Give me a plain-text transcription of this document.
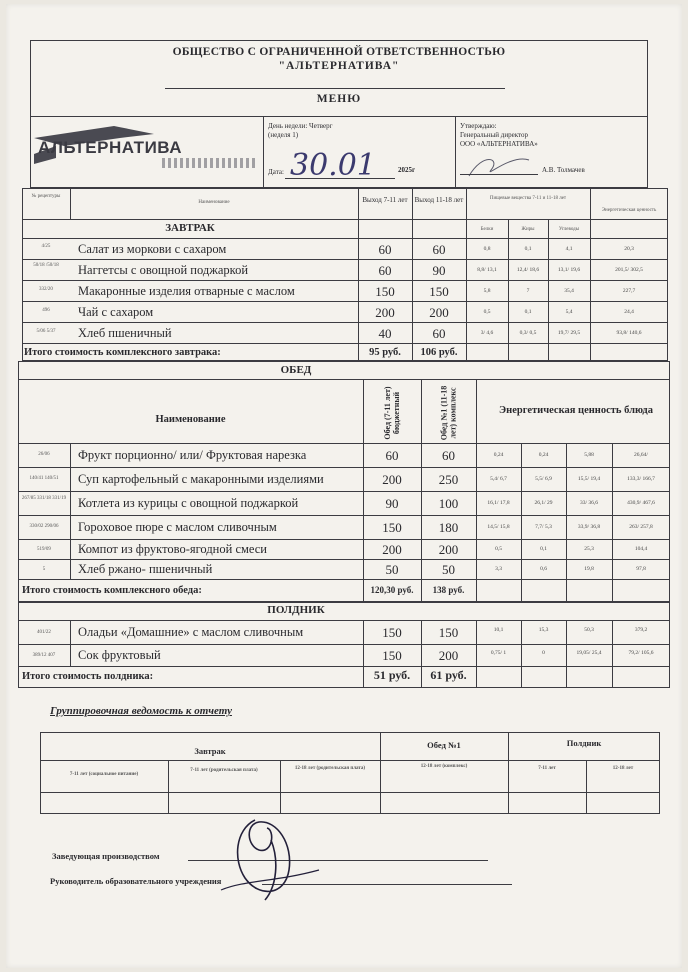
ОБЩЕСТВО С ОГРАНИЧЕННОЙ ОТВЕТСТВЕННОСТЬЮ
"АЛЬТЕРНАТИВА"
МЕНЮ
АЛЬТЕРНАТИВА
День недели: Четверг
(неделя 1)
Дата: 30.01	2025г
Утверждаю:
Генеральный директор
ООО «АЛЬТЕРНАТИВА»
А.В. Толмачев
№ рецептуры
Наименование	Выход 7-11 лет	Выход 11-18 лет	Пищевые вещества 7-11 и 11-18 лет
Энергетическая ценность
ЗАВТРАК	Белки	Жиры	Углеводы
4/25	Салат из моркови с сахаром	60	60	0,8	0,1	4,1	20,3
50/18 /50/18	Наггетсы с овощной поджаркой	60	90	8,8/ 13,1	12,4/ 18,6	13,1/ 19,6	201,5/ 302,5
332/20	Макаронные изделия отварные с маслом	150	150	5,8	7	35,4	227,7
496	Чай с сахаром	200	200	0,5	0,1	5,4	24,4
5/06 5/37	Хлеб пшеничный	40	60	3/ 4,6	0,3/ 0,5	19,7/ 29,5	93,8/ 140,6
Итого стоимость комплексного завтрака:	95 руб.	106 руб.
ОБЕД
Наименование	Обед (7-11 лет) бюджетный	Обед №1 (11-18 лет) комплекс	Энергетическая ценность блюда
26/06	Фрукт порционно/ или/ Фруктовая нарезка	60	60	0,24	0,24	5,88	26,64/
140/41 140/51	Суп картофельный с макаронными изделиями	200	250	5,4/ 6,7	5,5/ 6,9	15,5/ 19,4	133,3/ 166,7
267/85 331/18 331/19 Котлета из курицы с овощной поджаркой	90	100	16,1/ 17,8	26,1/ 29	33/ 36,6	430,9/ 467,6
330/02 290/06	Гороховое пюре с маслом сливочным	150	180	14,5/ 15,8	7,7/ 5,3	33,9/ 36,8	263/ 257,8
519/09	Компот из фруктово-ягодной смеси	200	200	0,5	0,1	25,3	104,4
5	Хлеб ржано- пшеничный	50	50	3,3	0,6	19,8	97,8
Итого стоимость комплексного обеда:	120,30 руб.	138 руб.
ПОЛДНИК
401/22	Оладьи «Домашние» с маслом сливочным	150	150	10,1	15,3	50,3	379,2
389/12 407	Сок фруктовый	150	200	0,75/ 1	0	19,05/ 25,4	79,2/ 105,6
Итого стоимость полдника:	51 руб.	61 руб.
Группировочная ведомость к отчету
Завтрак
Обед №1	Полдник
7-11 лет (социальное питание)
7-11 лет (родительская плата)	12-18 лет (родительская плата)	12-18 лет (комплекс)	7-11 лет	12-18 лет
Заведующая производством
Руководитель образовательного учреждения
